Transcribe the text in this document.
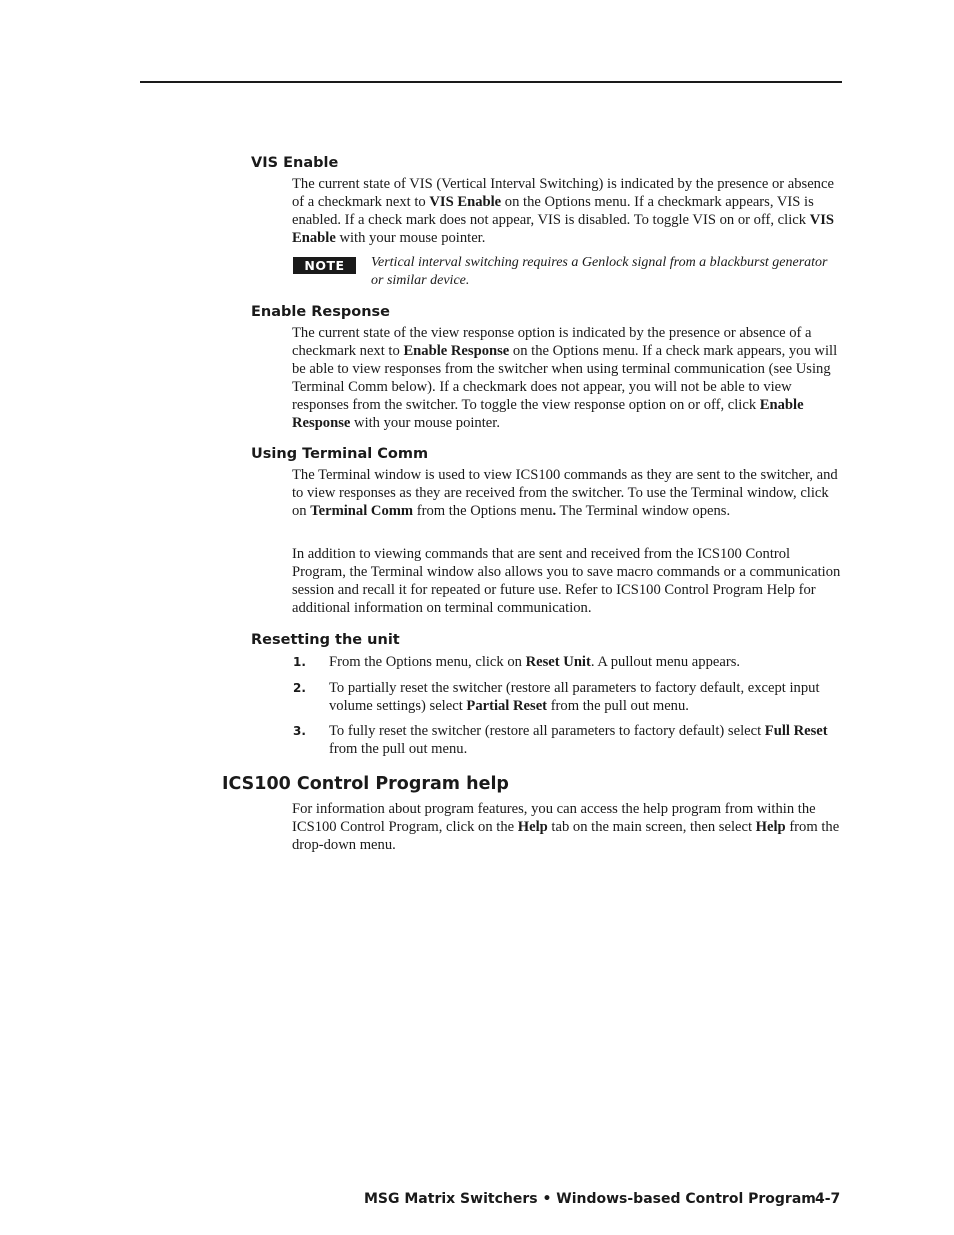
VIS Enable
The current state of VIS (Vertical Interval Switching) is indicated by the presence or absence of a checkmark next to VIS Enable on the Options menu. If a checkmark appears, VIS is enabled. If a check mark does not appear, VIS is disabled. To toggle VIS on or off, click VIS Enable with your mouse pointer.
NOTE	Vertical interval switching requires a Genlock signal from a blackburst generator or similar device.
Enable Response
The current state of the view response option is indicated by the presence or absence of a checkmark next to Enable Response on the Options menu. If a check mark appears, you will be able to view responses from the switcher when using terminal communication (see Using Terminal Comm below). If a checkmark does not appear, you will not be able to view responses from the switcher. To toggle the view response option on or off, click Enable Response with your mouse pointer.
Using Terminal Comm
The Terminal window is used to view ICS100 commands as they are sent to the switcher, and to view responses as they are received from the switcher. To use the Terminal window, click on Terminal Comm from the Options menu. The Terminal window opens.
In addition to viewing commands that are sent and received from the ICS100 Control Program, the Terminal window also allows you to save macro commands or a communication session and recall it for repeated or future use. Refer to ICS100 Control Program Help for additional information on terminal communication.
Resetting the unit
1. From the Options menu, click on Reset Unit. A pullout menu appears.
2. To partially reset the switcher (restore all parameters to factory default, except input volume settings) select Partial Reset from the pull out menu.
3. To fully reset the switcher (restore all parameters to factory default) select Full Reset from the pull out menu.
ICS100 Control Program help
For information about program features, you can access the help program from within the ICS100 Control Program, click on the Help tab on the main screen, then select Help from the drop-down menu.
MSG Matrix Switchers • Windows-based Control Program 4-7
